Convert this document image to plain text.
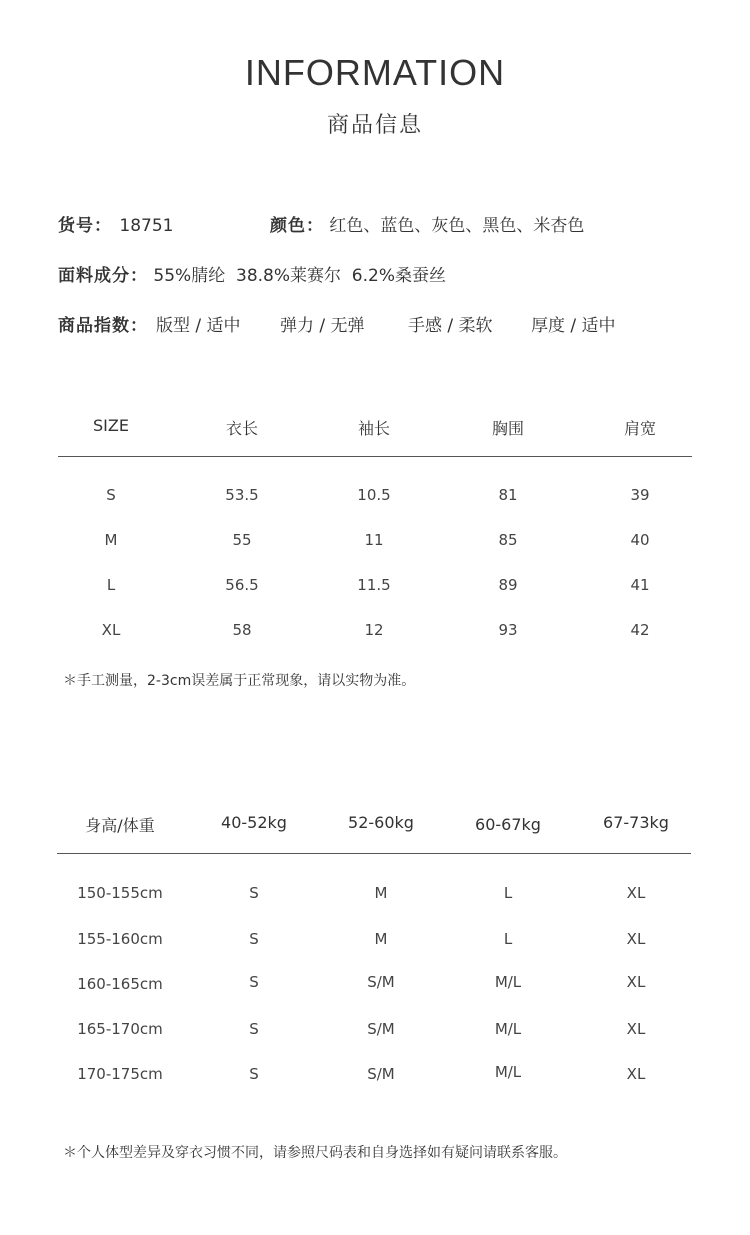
INFORMATION
商品信息
货号： 18751	颜色： 红色、蓝色、灰色、黑色、米杏色
面料成分： 55%腈纶  38.8%莱赛尔  6.2%桑蚕丝
商品指数： 版型 / 适中 弹力 / 无弹	手感 / 柔软 厚度 / 适中
SIZE	衣长	袖长	胸围	肩宽
S	53.5	10.5	81	39
M	55	11	85	40
L	56.5	11.5	89	41
XL	58	12	93	42
＊手工测量，2-3cm误差属于正常现象，请以实物为准。
身高/体重	40-52kg	52-60kg	60-67kg	67-73kg
150-155cm	S	M	L	XL
155-160cm	S	M	L	XL
160-165cm	S	S/M	M/L	XL
165-170cm	S	S/M	M/L	XL
170-175cm	S	S/M	M/L	XL
＊个人体型差异及穿衣习惯不同，请参照尺码表和自身选择如有疑问请联系客服。
